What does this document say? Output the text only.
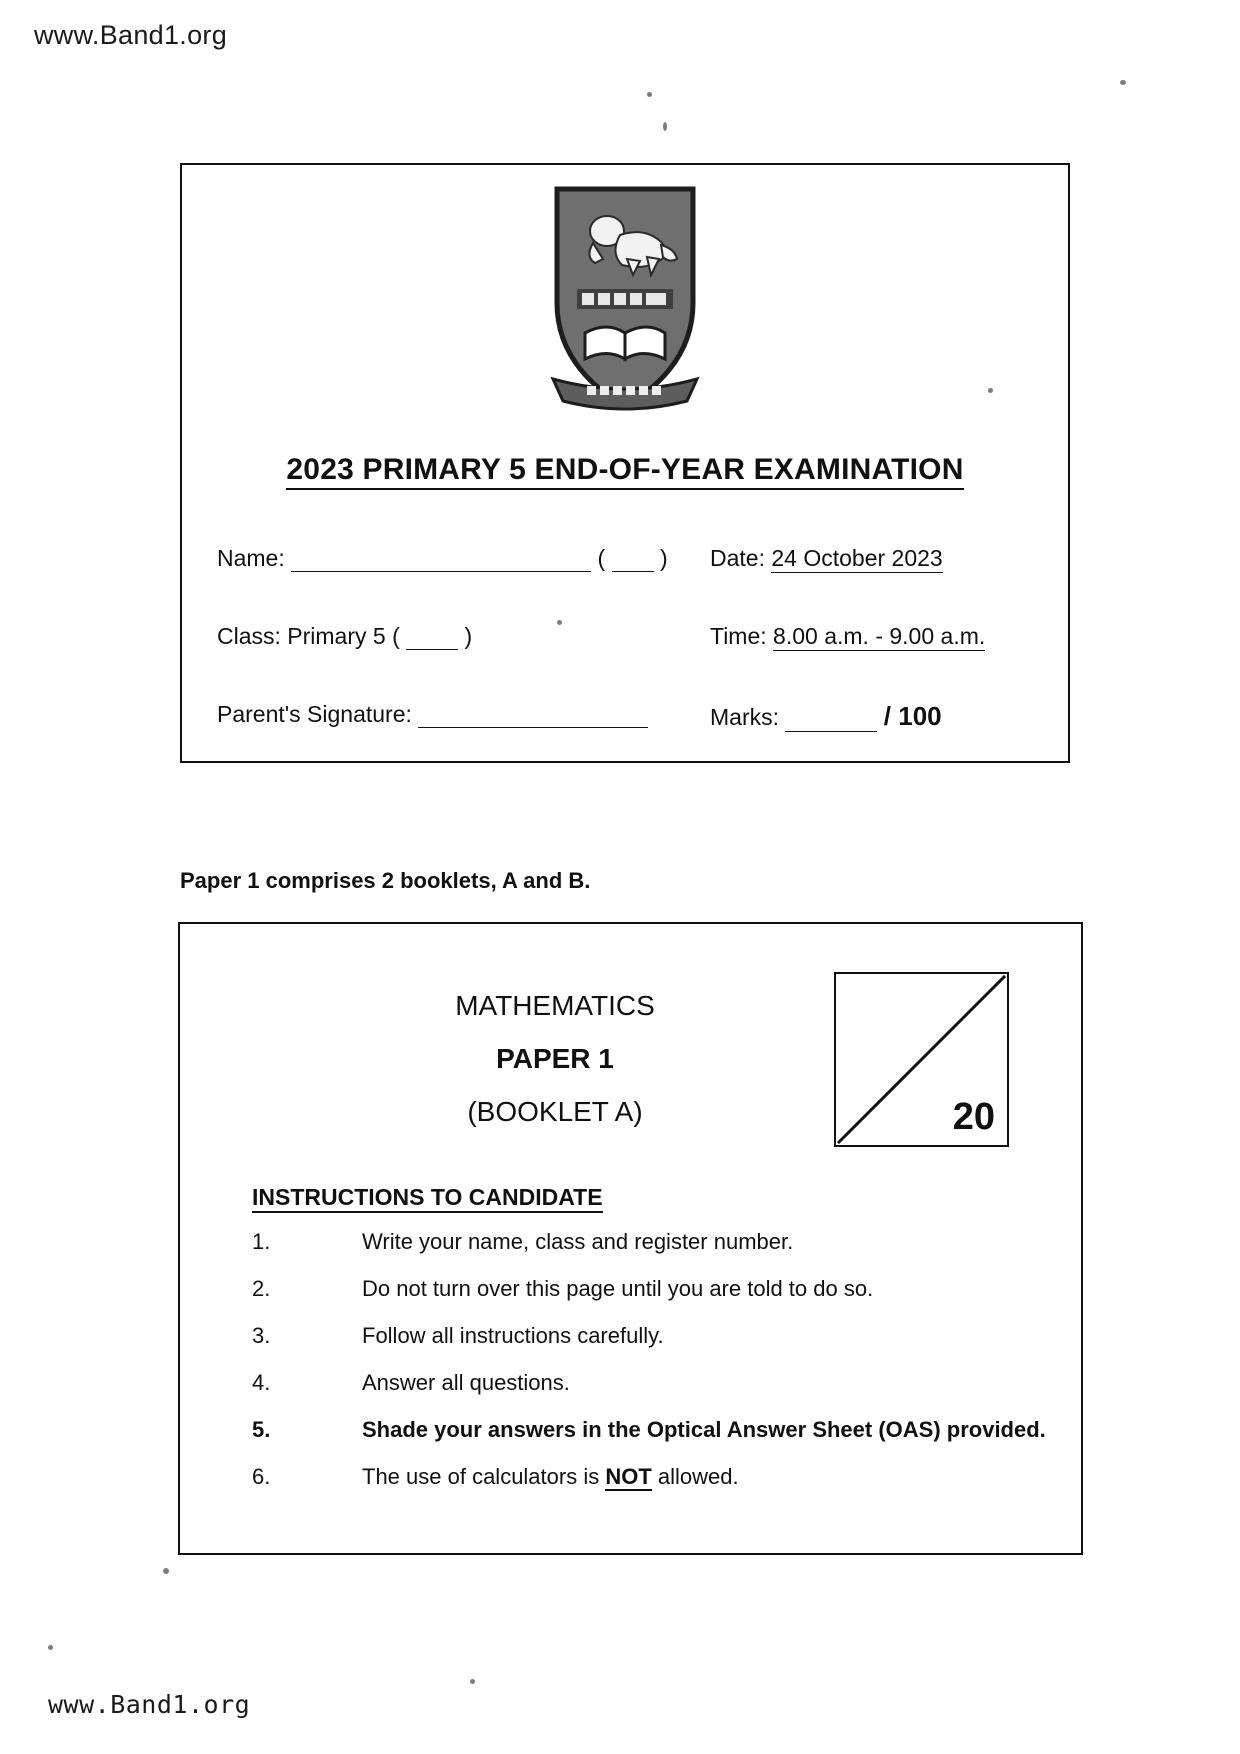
www.Band1.org
www.Band1.org
2023 PRIMARY 5 END-OF-YEAR EXAMINATION
Name:	( ) Date: 24 October 2023
Class: Primary 5 (	)	Time: 8.00 a.m. - 9.00 a.m.
Parent's Signature:	Marks:	/ 100
Paper 1 comprises 2 booklets, A and B.
MATHEMATICS
PAPER 1
(BOOKLET A)	20
INSTRUCTIONS TO CANDIDATE
1.	Write your name, class and register number.
2.	Do not turn over this page until you are told to do so.
3.	Follow all instructions carefully.
4.	Answer all questions.
5.	Shade your answers in the Optical Answer Sheet (OAS) provided.
6.	The use of calculators is NOT allowed.
